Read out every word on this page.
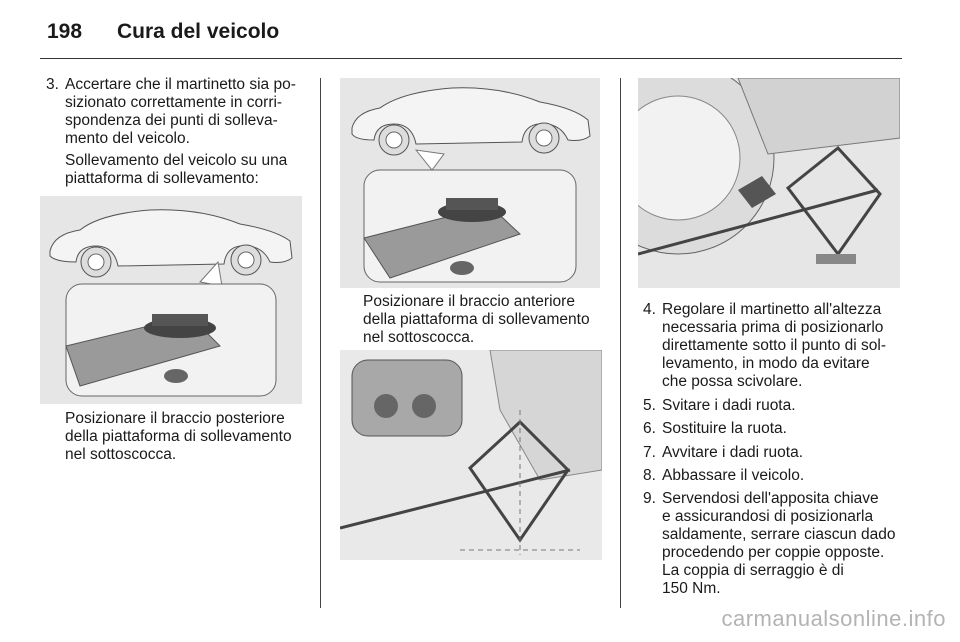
198 Cura del veicolo
3. Accertare che il martinetto sia po-
sizionato correttamente in corri-
spondenza dei punti di solleva-
mento del veicolo.
Sollevamento del veicolo su una
piattaforma di sollevamento:
Posizionare il braccio posteriore
della piattaforma di sollevamento
nel sottoscocca.
Posizionare il braccio anteriore
della piattaforma di sollevamento
nel sottoscocca.
4. Regolare il martinetto all'altezza
necessaria prima di posizionarlo
direttamente sotto il punto di sol-
levamento, in modo da evitare
che possa scivolare.
5. Svitare i dadi ruota.
6. Sostituire la ruota.
7. Avvitare i dadi ruota.
8. Abbassare il veicolo.
9. Servendosi dell'apposita chiave
e assicurandosi di posizionarla
saldamente, serrare ciascun dado
procedendo per coppie opposte.
La coppia di serraggio è di
150 Nm.
carmanualsonline.info
